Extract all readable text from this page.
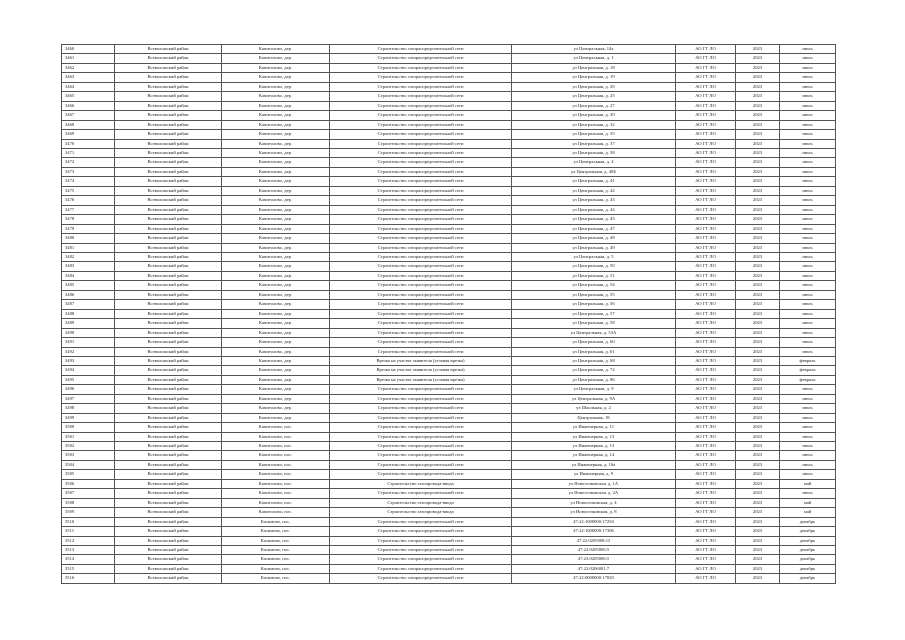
3460	Всеволожский район	Капитолово, дер.	Строительство газораспределительной сети	ул Центральная, 14а	АО ГТ ЛО	2023	июль
3461	Всеволожский район	Капитолово, дер.	Строительство газораспределительной сети	ул Центральная, д. 1	АО ГТ ЛО	2023	июль
3462	Всеволожский район	Капитолово, дер.	Строительство газораспределительной сети	ул Центральная, д. 18	АО ГТ ЛО	2023	июль
3463	Всеволожский район	Капитолово, дер.	Строительство газораспределительной сети	ул Центральная, д. 19	АО ГТ ЛО	2023	июль
3464	Всеволожский район	Капитолово, дер.	Строительство газораспределительной сети	ул Центральная, д. 20	АО ГТ ЛО	2023	июль
3465	Всеволожский район	Капитолово, дер.	Строительство газораспределительной сети	ул Центральная, д. 25	АО ГТ ЛО	2023	июль
3466	Всеволожский район	Капитолово, дер.	Строительство газораспределительной сети	ул Центральная, д. 27	АО ГТ ЛО	2023	июль
3467	Всеволожский район	Капитолово, дер.	Строительство газораспределительной сети	ул Центральная, д. 30	АО ГТ ЛО	2023	июль
3468	Всеволожский район	Капитолово, дер.	Строительство газораспределительной сети	ул Центральная, д. 32	АО ГТ ЛО	2023	июль
3469	Всеволожский район	Капитолово, дер.	Строительство газораспределительной сети	ул Центральная, д. 35	АО ГТ ЛО	2023	июль
3470	Всеволожский район	Капитолово, дер.	Строительство газораспределительной сети	ул Центральная, д. 37	АО ГТ ЛО	2023	июль
3471	Всеволожский район	Капитолово, дер.	Строительство газораспределительной сети	ул Центральная, д. 38	АО ГТ ЛО	2023	июль
3472	Всеволожский район	Капитолово, дер.	Строительство газораспределительной сети	ул Центральная, д. 4	АО ГТ ЛО	2023	июль
3473	Всеволожский район	Капитолово, дер.	Строительство газораспределительной сети	ул Центральная, д. 40Б	АО ГТ ЛО	2023	июль
3474	Всеволожский район	Капитолово, дер.	Строительство газораспределительной сети	ул Центральная, д. 41	АО ГТ ЛО	2023	июль
3475	Всеволожский район	Капитолово, дер.	Строительство газораспределительной сети	ул Центральная, д. 42	АО ГТ ЛО	2023	июль
3476	Всеволожский район	Капитолово, дер.	Строительство газораспределительной сети	ул Центральная, д. 43	АО ГТ ЛО	2023	июль
3477	Всеволожский район	Капитолово, дер.	Строительство газораспределительной сети	ул Центральная, д. 44	АО ГТ ЛО	2023	июль
3478	Всеволожский район	Капитолово, дер.	Строительство газораспределительной сети	ул Центральная, д. 45	АО ГТ ЛО	2023	июль
3479	Всеволожский район	Капитолово, дер.	Строительство газораспределительной сети	ул Центральная, д. 47	АО ГТ ЛО	2023	июль
3480	Всеволожский район	Капитолово, дер.	Строительство газораспределительной сети	ул Центральная, д. 48	АО ГТ ЛО	2023	июль
3481	Всеволожский район	Капитолово, дер.	Строительство газораспределительной сети	ул Центральная, д. 49	АО ГТ ЛО	2023	июль
3482	Всеволожский район	Капитолово, дер.	Строительство газораспределительной сети	ул Центральная, д. 5	АО ГТ ЛО	2023	июль
3483	Всеволожский район	Капитолово, дер.	Строительство газораспределительной сети	ул Центральная, д. 50	АО ГТ ЛО	2023	июль
3484	Всеволожский район	Капитолово, дер.	Строительство газораспределительной сети	ул Центральная, д. 51	АО ГТ ЛО	2023	июль
3485	Всеволожский район	Капитолово, дер.	Строительство газораспределительной сети	ул Центральная, д. 54	АО ГТ ЛО	2023	июль
3486	Всеволожский район	Капитолово, дер.	Строительство газораспределительной сети	ул Центральная, д. 55	АО ГТ ЛО	2023	июль
3487	Всеволожский район	Капитолово, дер.	Строительство газораспределительной сети	ул Центральная, д. 56	АО ГТ ЛО	2023	июль
3488	Всеволожский район	Капитолово, дер.	Строительство газораспределительной сети	ул Центральная, д. 57	АО ГТ ЛО	2023	июль
3489	Всеволожский район	Капитолово, дер.	Строительство газораспределительной сети	ул Центральная, д. 58	АО ГТ ЛО	2023	июль
3490	Всеволожский район	Капитолово, дер.	Строительство газораспределительной сети	ул Центральная, д. 53А	АО ГТ ЛО	2023	июль
3491	Всеволожский район	Капитолово, дер.	Строительство газораспределительной сети	ул Центральная, д. 60	АО ГТ ЛО	2023	июль
3492	Всеволожский район	Капитолово, дер.	Строительство газораспределительной сети	ул Центральная, д. 61	АО ГТ ЛО	2023	июль
3493	Всеволожский район	Капитолово, дер.	Врезка на участке заявителя (угловая врезка)	ул Центральная, д. 68	АО ГТ ЛО	2023	февраль
3494	Всеволожский район	Капитолово, дер.	Врезка на участке заявителя (угловая врезка)	ул Центральная, д. 72	АО ГТ ЛО	2023	февраль
3495	Всеволожский район	Капитолово, дер.	Врезка на участке заявителя (угловая врезка)	ул Центральная, д. 86	АО ГТ ЛО	2023	февраль
3496	Всеволожский район	Капитолово, дер.	Строительство газораспределительной сети	ул Центральная, д. 9	АО ГТ ЛО	2023	июль
3497	Всеволожский район	Капитолово, дер.	Строительство газораспределительной сети	ул Центральная, д. 9А	АО ГТ ЛО	2023	июль
3498	Всеволожский район	Капитолово, дер.	Строительство газораспределительной сети	ул Школьная, д. 2	АО ГТ ЛО	2023	июль
3499	Всеволожский район	Капитолово, дер.	Строительство газораспределительной сети	Центральная, 18	АО ГТ ЛО	2023	июль
3500	Всеволожский район	Капитолово, пос.	Строительство газораспределительной сети	ул Инженерная, д. 11	АО ГТ ЛО	2023	июль
3501	Всеволожский район	Капитолово, пос.	Строительство газораспределительной сети	ул Инженерная, д. 13	АО ГТ ЛО	2023	июль
3502	Всеволожский район	Капитолово, пос.	Строительство газораспределительной сети	ул Инженерная, д. 13	АО ГТ ЛО	2023	июль
3503	Всеволожский район	Капитолово, пос.	Строительство газораспределительной сети	ул Инженерная, д. 14	АО ГТ ЛО	2023	июль
3504	Всеволожский район	Капитолово, пос.	Строительство газораспределительной сети	ул Инженерная, д. 16а	АО ГТ ЛО	2023	июль
3505	Всеволожский район	Капитолово, пос.	Строительство газораспределительной сети	ул Инженерная, д. 9	АО ГТ ЛО	2023	июль
3506	Всеволожский район	Капитолово, пос.	Строительство газопровода-ввода	ул Новоселковская, д. 1А	АО ГТ ЛО	2023	май
3507	Всеволожский район	Капитолово, пос.	Строительство газораспределительной сети	ул Новоселковская, д. 2А	АО ГТ ЛО	2023	июль
3508	Всеволожский район	Капитолово, пос.	Строительство газопровода-ввода	ул Новоселковская, д. 4	АО ГТ ЛО	2023	май
3509	Всеволожский район	Капитолово, пос.	Строительство газопровода-ввода	ул Новоселковская, д. 8	АО ГТ ЛО	2023	май
3510	Всеволожский район	Касимово, пос.	Строительство газораспределительной сети	47:22:1000000:17294	АО ГТ ЛО	2023	декабрь
3511	Всеволожский район	Касимово, пос.	Строительство газораспределительной сети	47:22:1000000:17306	АО ГТ ЛО	2023	декабрь
3512	Всеволожский район	Касимово, пос.	Строительство газораспределительной сети	47:22:0205008:15	АО ГТ ЛО	2023	декабрь
3513	Всеволожский район	Касимово, пос.	Строительство газораспределительной сети	47:22:0205006:5	АО ГТ ЛО	2023	декабрь
3514	Всеволожский район	Касимово, пос.	Строительство газораспределительной сети	47:23:0205006:5	АО ГТ ЛО	2023	декабрь
3515	Всеволожский район	Касимово, пос.	Строительство газораспределительной сети	47:22:0206001:7	АО ГТ ЛО	2023	декабрь
3516	Всеволожский район	Касимово, пос.	Строительство газораспределительной сети	47:22:0000000:17820	АО ГТ ЛО	2023	декабрь
